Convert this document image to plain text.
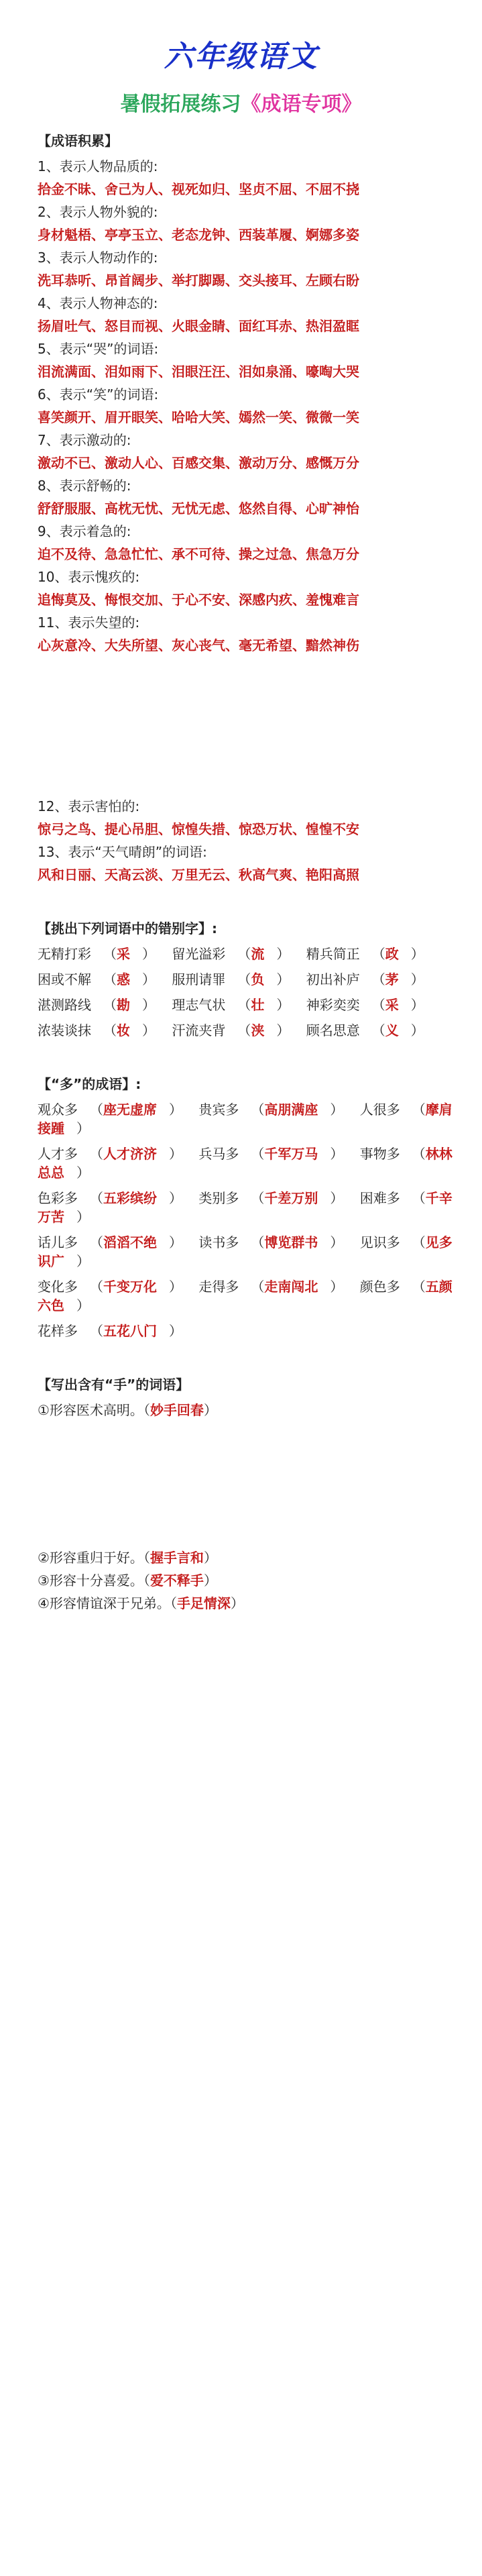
六年级语文
暑假拓展练习《成语专项》
【成语积累】
1、表示人物品质的:
拾金不昧、舍己为人、视死如归、坚贞不屈、不屈不挠
2、表示人物外貌的:
身材魁梧、亭亭玉立、老态龙钟、西装革履、婀娜多姿
3、表示人物动作的:
洗耳恭听、昂首阔步、举打脚踢、交头接耳、左顾右盼
4、表示人物神态的:
扬眉吐气、怒目而视、火眼金睛、面红耳赤、热泪盈眶
5、表示“哭”的词语:
泪流满面、泪如雨下、泪眼汪汪、泪如泉涌、嚎啕大哭
6、表示“笑”的词语:
喜笑颜开、眉开眼笑、哈哈大笑、嫣然一笑、微微一笑
7、表示激动的:
激动不已、激动人心、百感交集、激动万分、感慨万分
8、表示舒畅的:
舒舒服服、高枕无忧、无忧无虑、悠然自得、心旷神怡
9、表示着急的:
迫不及待、急急忙忙、承不可待、操之过急、焦急万分
10、表示愧疚的:
追悔莫及、悔恨交加、于心不安、深感内疚、羞愧难言
11、表示失望的:
心灰意冷、大失所望、灰心丧气、毫无希望、黯然神伤
12、表示害怕的:
惊弓之鸟、提心吊胆、惊惶失措、惊恐万状、惶惶不安
13、表示“天气晴朗”的词语:
风和日丽、天高云淡、万里无云、秋高气爽、艳阳高照
【挑出下列词语中的错别字】:
无精打彩 （采 ） 留光溢彩 （流 ） 精兵简正 （政 ）
困或不解 （惑 ） 服刑请罪 （负 ） 初出补庐 （茅 ）
湛测路线 （勘 ） 理志气状 （壮 ） 神彩奕奕 （采 ）
浓装谈抹 （妆 ） 汗流夹背 （浃 ） 顾名思意 （义 ）
【“多”的成语】:
观众多 （座无虚席 ） 贵宾多 （高朋满座 ） 人很多 （摩肩接踵 ）
人才多 （人才济济 ） 兵马多 （千军万马 ） 事物多 （林林总总 ）
色彩多 （五彩缤纷 ） 类别多 （千差万别 ） 困难多 （千辛万苦 ）
话儿多 （滔滔不绝 ） 读书多 （博览群书 ） 见识多 （见多识广 ）
变化多 （千变万化 ） 走得多 （走南闯北 ） 颜色多 （五颜六色 ）
花样多 （五花八门 ）
【写出含有“手”的词语】
①形容医术高明。（妙手回春）
②形容重归于好。（握手言和）
③形容十分喜爱。（爱不释手）
④形容情谊深于兄弟。（手足情深）
